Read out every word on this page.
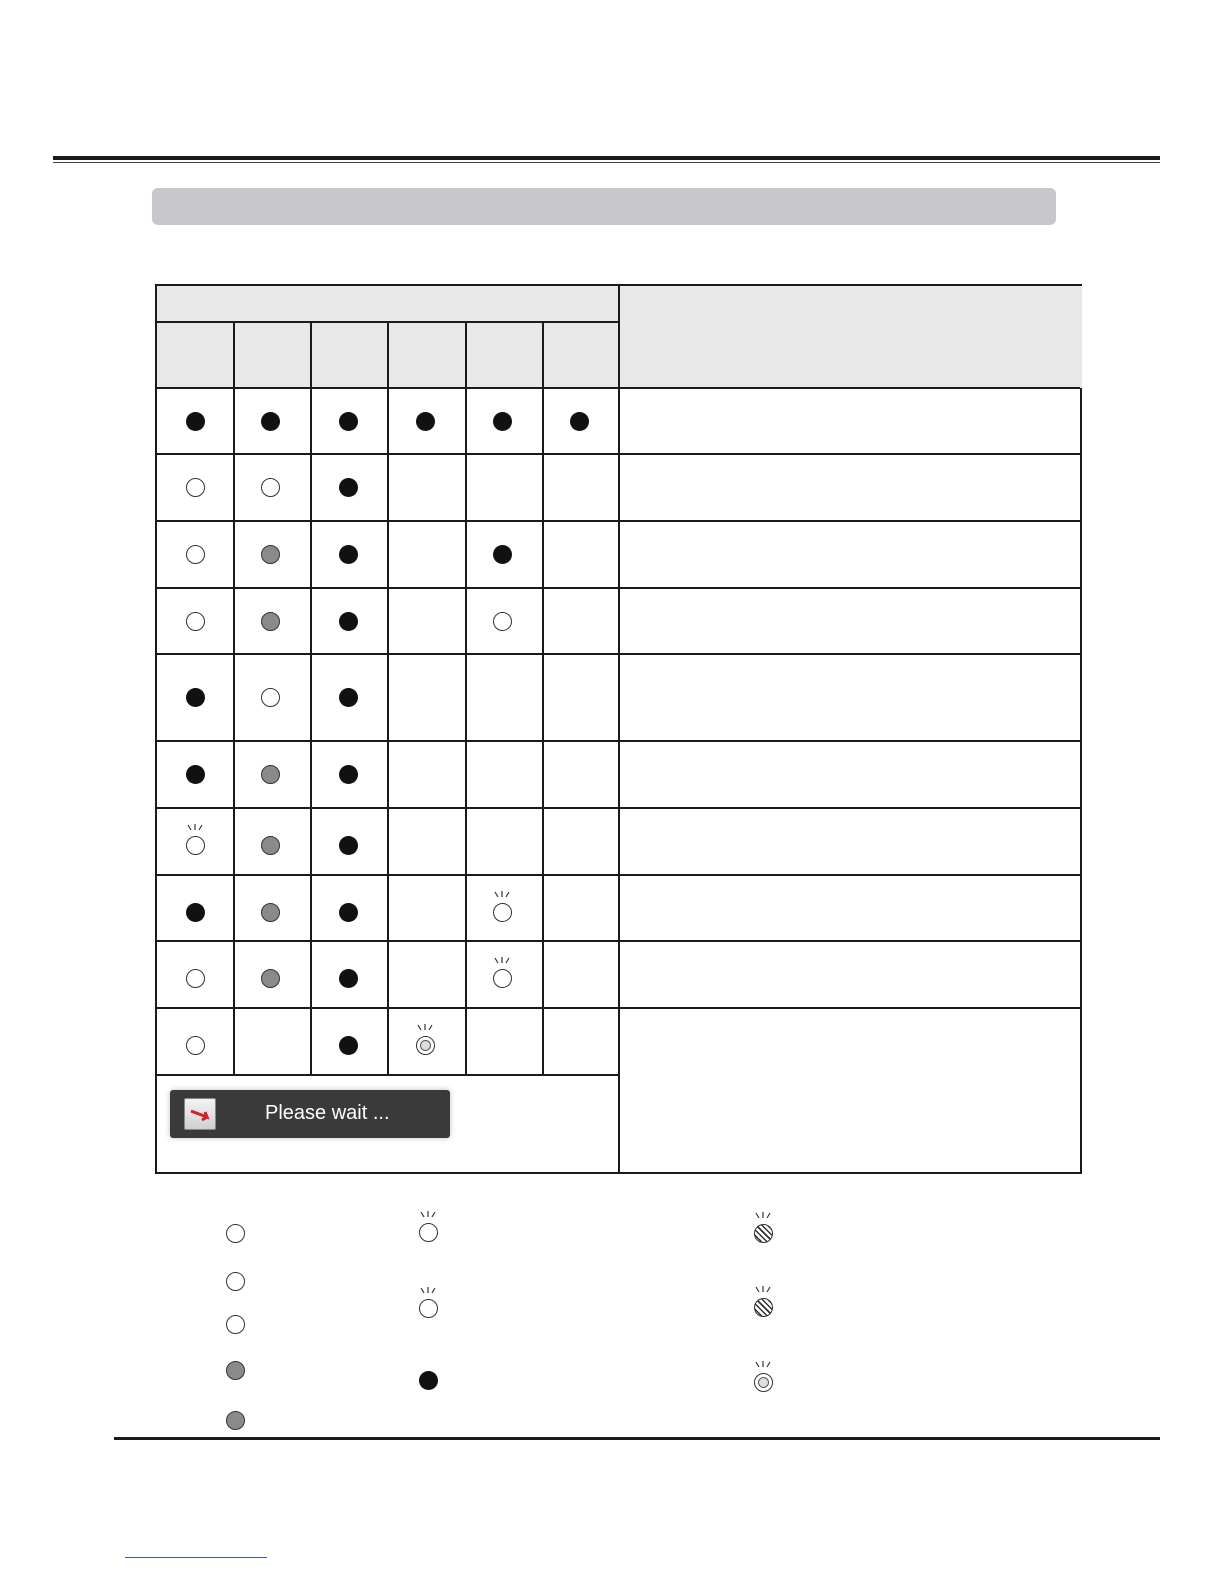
Please wait ...
